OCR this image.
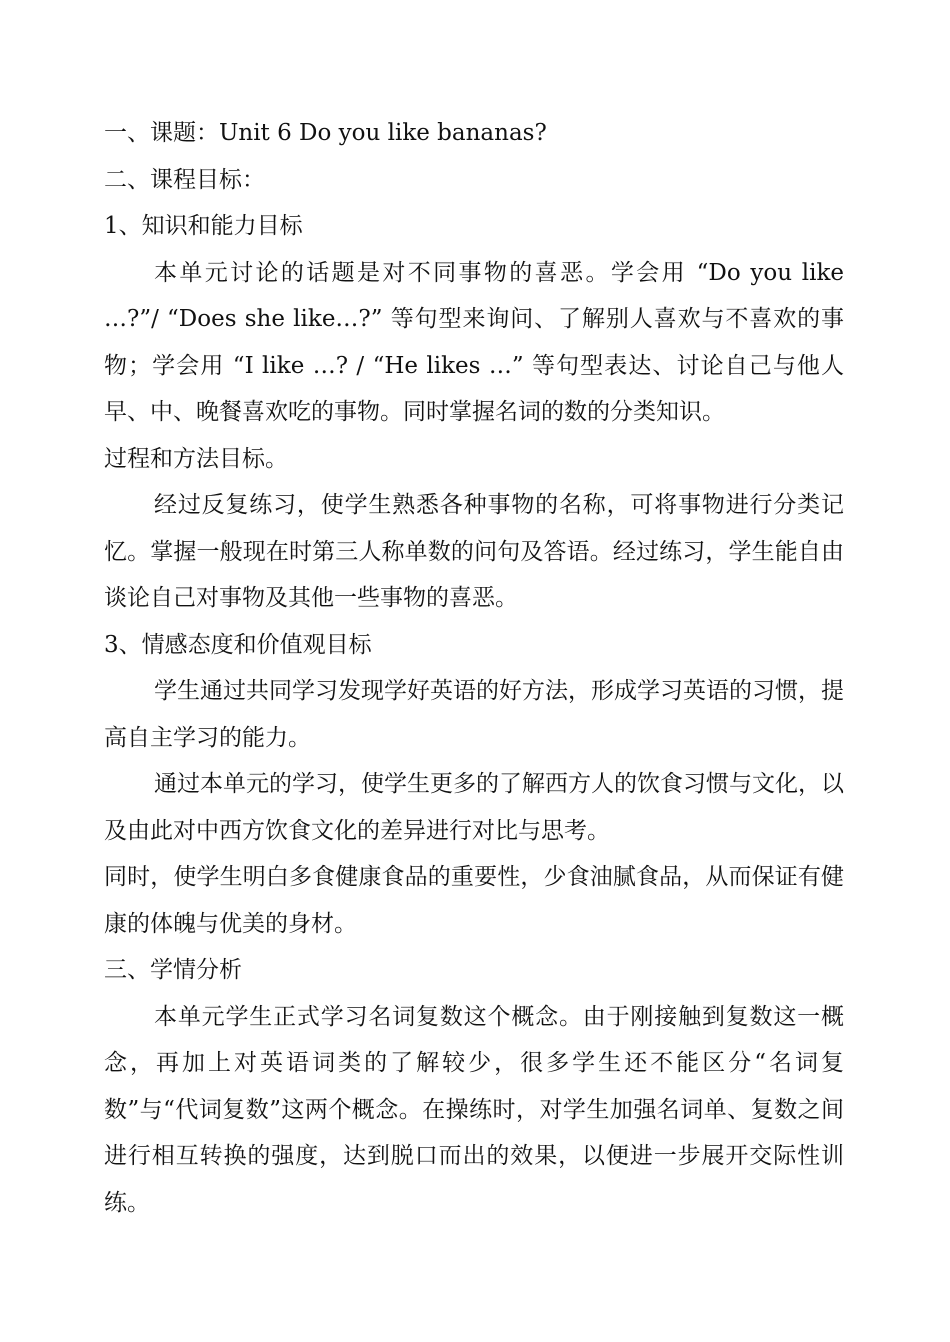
一、课题：Unit 6 Do you like bananas?

二、课程目标：

1、知识和能力目标

本单元讨论的话题是对不同事物的喜恶。学会用 “Do you like …?”/ “Does she like…?” 等句型来询问、了解别人喜欢与不喜欢的事物；学会用 “I like …? / “He likes …” 等句型表达、讨论自己与他人早、中、晚餐喜欢吃的事物。同时掌握名词的数的分类知识。

过程和方法目标。

经过反复练习，使学生熟悉各种事物的名称，可将事物进行分类记忆。掌握一般现在时第三人称单数的问句及答语。经过练习，学生能自由谈论自己对事物及其他一些事物的喜恶。

3、情感态度和价值观目标

学生通过共同学习发现学好英语的好方法，形成学习英语的习惯，提高自主学习的能力。

通过本单元的学习，使学生更多的了解西方人的饮食习惯与文化，以及由此对中西方饮食文化的差异进行对比与思考。

同时，使学生明白多食健康食品的重要性，少食油腻食品，从而保证有健康的体魄与优美的身材。

三、学情分析

本单元学生正式学习名词复数这个概念。由于刚接触到复数这一概念，再加上对英语词类的了解较少，很多学生还不能区分“名词复数”与“代词复数”这两个概念。在操练时，对学生加强名词单、复数之间进行相互转换的强度，达到脱口而出的效果，以便进一步展开交际性训练。
